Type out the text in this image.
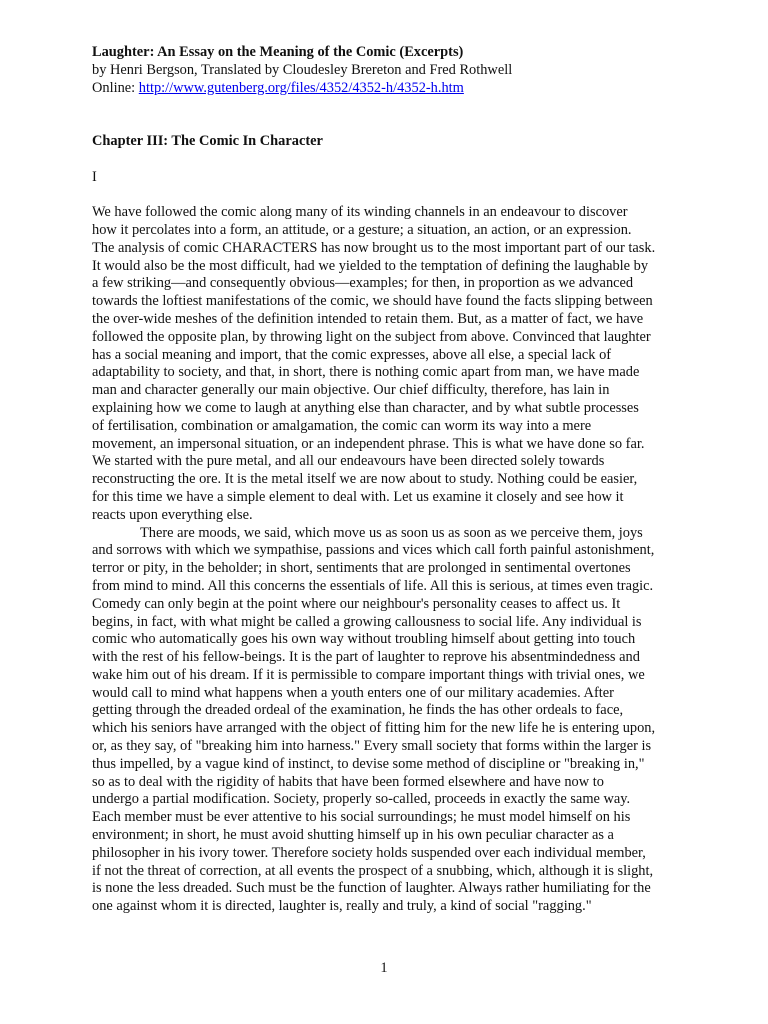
Laughter: An Essay on the Meaning of the Comic (Excerpts)
by Henri Bergson, Translated by Cloudesley Brereton and Fred Rothwell
Online: http://www.gutenberg.org/files/4352/4352-h/4352-h.htm
Chapter III: The Comic In Character
I
We have followed the comic along many of its winding channels in an endeavour to discover
how it percolates into a form, an attitude, or a gesture; a situation, an action, or an expression.
The analysis of comic CHARACTERS has now brought us to the most important part of our task.
It would also be the most difficult, had we yielded to the temptation of defining the laughable by
a few striking—and consequently obvious—examples; for then, in proportion as we advanced
towards the loftiest manifestations of the comic, we should have found the facts slipping between
the over-wide meshes of the definition intended to retain them. But, as a matter of fact, we have
followed the opposite plan, by throwing light on the subject from above. Convinced that laughter
has a social meaning and import, that the comic expresses, above all else, a special lack of
adaptability to society, and that, in short, there is nothing comic apart from man, we have made
man and character generally our main objective. Our chief difficulty, therefore, has lain in
explaining how we come to laugh at anything else than character, and by what subtle processes
of fertilisation, combination or amalgamation, the comic can worm its way into a mere
movement, an impersonal situation, or an independent phrase. This is what we have done so far.
We started with the pure metal, and all our endeavours have been directed solely towards
reconstructing the ore. It is the metal itself we are now about to study. Nothing could be easier,
for this time we have a simple element to deal with. Let us examine it closely and see how it
reacts upon everything else.
There are moods, we said, which move us as soon us as soon as we perceive them, joys
and sorrows with which we sympathise, passions and vices which call forth painful astonishment,
terror or pity, in the beholder; in short, sentiments that are prolonged in sentimental overtones
from mind to mind. All this concerns the essentials of life. All this is serious, at times even tragic.
Comedy can only begin at the point where our neighbour's personality ceases to affect us. It
begins, in fact, with what might be called a growing callousness to social life. Any individual is
comic who automatically goes his own way without troubling himself about getting into touch
with the rest of his fellow-beings. It is the part of laughter to reprove his absentmindedness and
wake him out of his dream. If it is permissible to compare important things with trivial ones, we
would call to mind what happens when a youth enters one of our military academies. After
getting through the dreaded ordeal of the examination, he finds the has other ordeals to face,
which his seniors have arranged with the object of fitting him for the new life he is entering upon,
or, as they say, of "breaking him into harness." Every small society that forms within the larger is
thus impelled, by a vague kind of instinct, to devise some method of discipline or "breaking in,"
so as to deal with the rigidity of habits that have been formed elsewhere and have now to
undergo a partial modification. Society, properly so-called, proceeds in exactly the same way.
Each member must be ever attentive to his social surroundings; he must model himself on his
environment; in short, he must avoid shutting himself up in his own peculiar character as a
philosopher in his ivory tower. Therefore society holds suspended over each individual member,
if not the threat of correction, at all events the prospect of a snubbing, which, although it is slight,
is none the less dreaded. Such must be the function of laughter. Always rather humiliating for the
one against whom it is directed, laughter is, really and truly, a kind of social "ragging."
1
